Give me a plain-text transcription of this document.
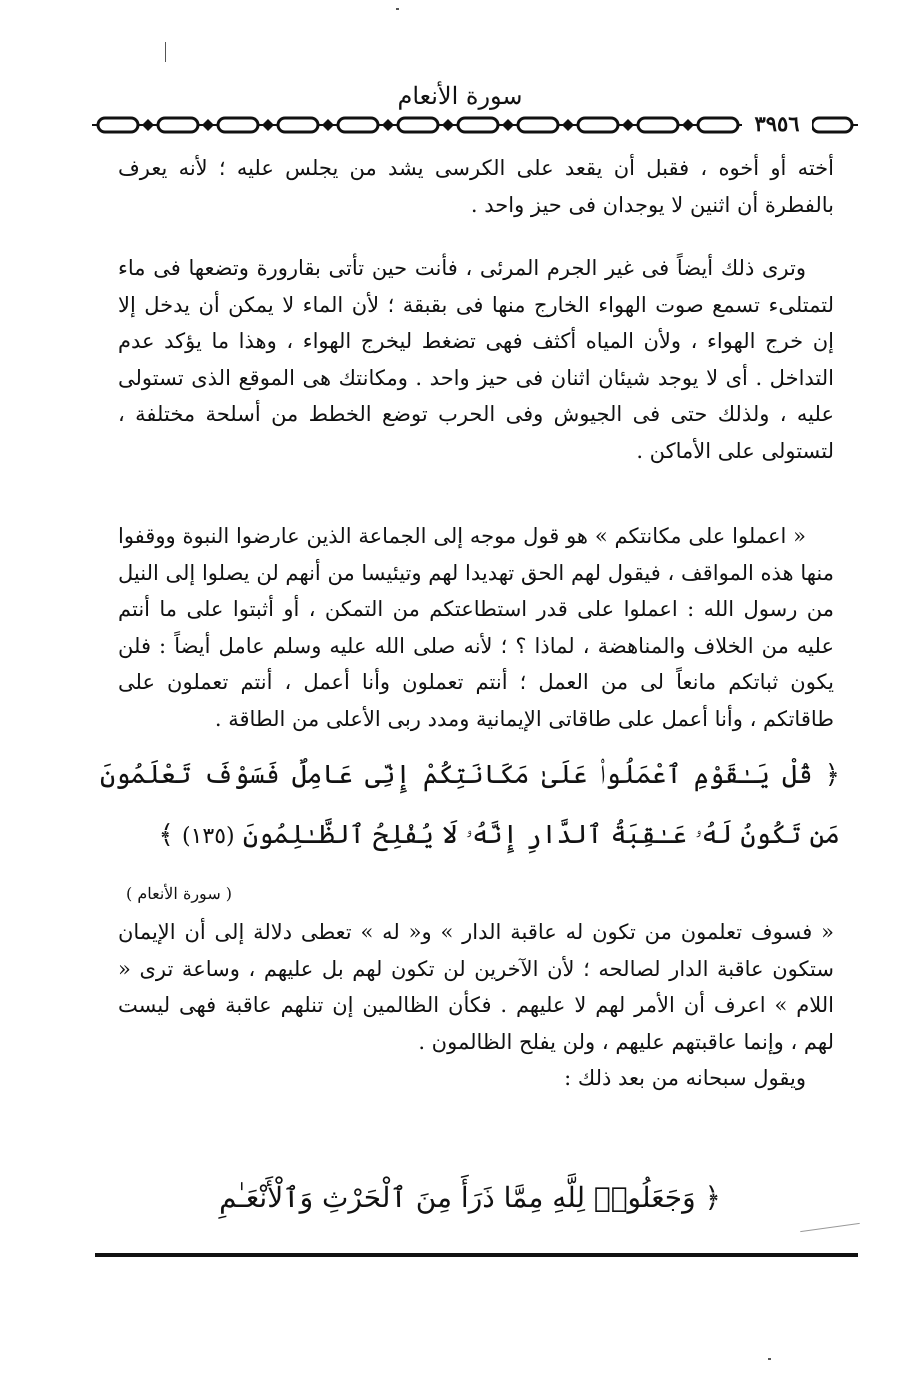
سورة الأنعام
٣٩٥٦

أخته أو أخوه ، فقبل أن يقعد على الكرسى يشد من يجلس عليه ؛ لأنه يعرف بالفطرة أن اثنين لا يوجدان فى حيز واحد .

وترى ذلك أيضاً فى غير الجرم المرئى ، فأنت حين تأتى بقارورة وتضعها فى ماء لتمتلىء تسمع صوت الهواء الخارج منها فى بقبقة ؛ لأن الماء لا يمكن أن يدخل إلا إن خرج الهواء ، ولأن المياه أكثف فهى تضغط ليخرج الهواء ، وهذا ما يؤكد عدم التداخل . أى لا يوجد شيئان اثنان فى حيز واحد . ومكانتك هى الموقع الذى تستولى عليه ، ولذلك حتى فى الجيوش وفى الحرب توضع الخطط من أسلحة مختلفة ، لتستولى على الأماكن .

« اعملوا على مكانتكم » هو قول موجه إلى الجماعة الذين عارضوا النبوة ووقفوا منها هذه المواقف ، فيقول لهم الحق تهديدا لهم وتيئيسا من أنهم لن يصلوا إلى النيل من رسول الله : اعملوا على قدر استطاعتكم من التمكن ، أو أثبتوا على ما أنتم عليه من الخلاف والمناهضة ، لماذا ؟ ؛ لأنه صلى الله عليه وسلم عامل أيضاً : فلن يكون ثباتكم مانعاً لى من العمل ؛ أنتم تعملون وأنا أعمل ، أنتم تعملون على طاقاتكم ، وأنا أعمل على طاقاتى الإيمانية ومدد ربى الأعلى من الطاقة .

﴿ قُلْ يَـٰقَوْمِ ٱعْمَلُوا۟ عَلَىٰ مَكَانَتِكُمْ إِنِّى عَامِلٌ فَسَوْفَ تَعْلَمُونَ مَن تَكُونُ لَهُۥ عَـٰقِبَةُ ٱلدَّارِ إِنَّهُۥ لَا يُفْلِحُ ٱلظَّـٰلِمُونَ (١٣٥) ﴾
( سورة الأنعام )

« فسوف تعلمون من تكون له عاقبة الدار » و« له » تعطى دلالة إلى أن الإيمان ستكون عاقبة الدار لصالحه ؛ لأن الآخرين لن تكون لهم بل عليهم ، وساعة ترى « اللام » اعرف أن الأمر لهم لا عليهم . فكأن الظالمين إن تنلهم عاقبة فهى ليست لهم ، وإنما عاقبتهم عليهم ، ولن يفلح الظالمون .

ويقول سبحانه من بعد ذلك :

﴿ وَجَعَلُوا۟ لِلَّهِ مِمَّا ذَرَأَ مِنَ ٱلْحَرْثِ وَٱلْأَنْعَـٰمِ
